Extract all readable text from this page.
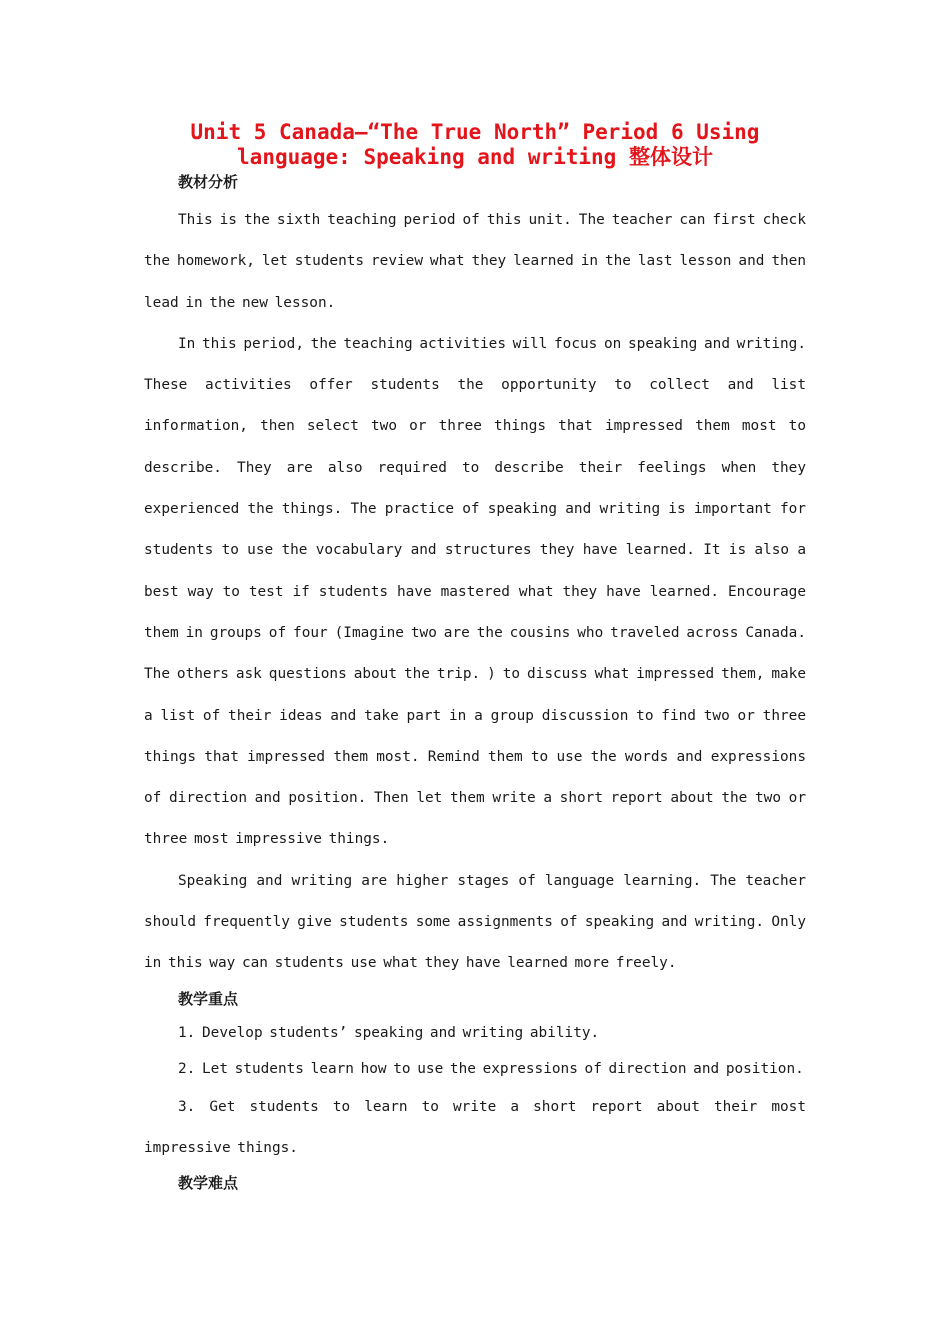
Unit 5 Canada—“The True North” Period 6 Using language: Speaking and writing 整体设计
教材分析

This is the sixth teaching period of this unit. The teacher can first check the homework, let students review what they learned in the last lesson and then lead in the new lesson.

In this period, the teaching activities will focus on speaking and writing. These activities offer students the opportunity to collect and list information, then select two or three things that impressed them most to describe. They are also required to describe their feelings when they experienced the things. The practice of speaking and writing is important for students to use the vocabulary and structures they have learned. It is also a best way to test if students have mastered what they have learned. Encourage them in groups of four (Imagine two are the cousins who traveled across Canada. The others ask questions about the trip. ) to discuss what impressed them, make a list of their ideas and take part in a group discussion to find two or three things that impressed them most. Remind them to use the words and expressions of direction and position. Then let them write a short report about the two or three most impressive things.

Speaking and writing are higher stages of language learning. The teacher should frequently give students some assignments of speaking and writing. Only in this way can students use what they have learned more freely.

教学重点

1. Develop students’ speaking and writing ability.

2. Let students learn how to use the expressions of direction and position.

3. Get students to learn to write a short report about their most impressive things.

教学难点
